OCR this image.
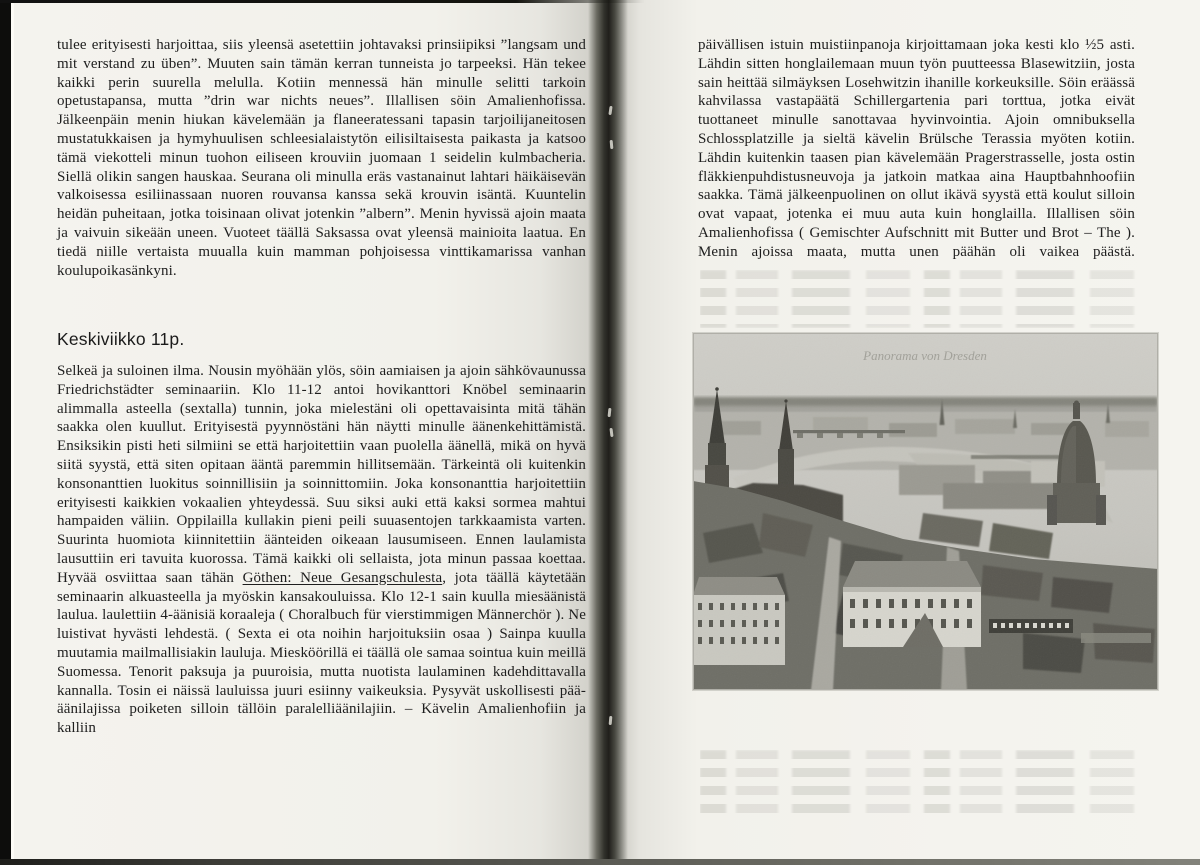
tulee erityisesti harjoittaa, siis yleensä asetettiin johtavaksi prinsiipiksi ”langsam und mit verstand zu üben”. Muuten sain tämän kerran tunneista jo tarpeeksi. Hän tekee kaikki perin suurella melulla. Kotiin mennessä hän minulle selitti tarkoin opetustapansa, mutta ”drin war nichts neues”. Illallisen söin Amalienhofissa. Jälkeenpäin menin hiukan kävelemään ja flaneeratessani tapasin tarjoilijaneitosen mustatukkaisen ja hymyhuulisen schleesialaistytön eilisiltaisesta paikasta ja katsoo tämä viekotteli minun tuohon eiliseen krouviin juomaan 1 seidelin kulmbacheria. Siellä olikin sangen hauskaa. Seurana oli minulla eräs vastanainut lahtari häikäisevän valkoisessa esiliinassaan nuoren rouvansa kanssa sekä krouvin isäntä. Kuuntelin heidän puheitaan, jotka toisinaan olivat jotenkin ”albern”. Menin hyvissä ajoin maata ja vaivuin sikeään uneen. Vuoteet täällä Saksassa ovat yleensä mainioita laatua. En tiedä niille vertaista muualla kuin mamman pohjoisessa vinttikamarissa vanhan koulupoikasänkyni.

Keskiviikko 11p.

Selkeä ja suloinen ilma. Nousin myöhään ylös, söin aamiaisen ja ajoin sähkövaunussa Friedrichstädter seminaariin. Klo 11-12 antoi hovikanttori Knöbel seminaarin alimmalla asteella (sextalla) tunnin, joka mielestäni oli opettavaisinta mitä tähän saakka olen kuullut. Erityisestä pyynnöstäni hän näytti minulle äänenkehittämistä. Ensiksikin pisti heti silmiini se että harjoitettiin vaan puolella äänellä, mikä on hyvä siitä syystä, että siten opitaan ääntä paremmin hillitsemään. Tärkeintä oli kuitenkin konsonanttien luokitus soinnillisiin ja soinnittomiin. Joka konsonanttia harjoitettiin erityisesti kaikkien vokaalien yhteydessä. Suu siksi auki että kaksi sormea mahtui hampaiden väliin. Oppilailla kullakin pieni peili suuasentojen tarkkaamista varten. Suurinta huomiota kiinnitettiin äänteiden oikeaan lausumiseen. Ennen laulamista lausuttiin eri tavuita kuorossa. Tämä kaikki oli sellaista, jota minun passaa koettaa. Hyvää osviittaa saan tähän Göthen: Neue Gesangschulesta, jota täällä käytetään seminaarin alkuasteella ja myöskin kansakouluissa. Klo 12-1 sain kuulla miesäänistä laulua. laulettiin 4-äänisiä koraaleja ( Choralbuch für vierstimmigen Männerchör ). Ne luistivat hyvästi lehdestä. ( Sexta ei ota noihin harjoituksiin osaa ) Sainpa kuulla muutamia mailmallisiakin lauluja. Miesköörillä ei täällä ole samaa sointua kuin meillä Suomessa. Tenorit paksuja ja puuroisia, mutta nuotista laulaminen kadehdittavalla kannalla. Tosin ei näissä lauluissa juuri esiinny vaikeuksia. Pysyvät uskollisesti pää-äänilajissa poiketen silloin tällöin paralelliäänilajiin. – Kävelin Amalienhofiin ja kalliin

päivällisen istuin muistiinpanoja kirjoittamaan joka kesti klo ½5 asti. Lähdin sitten honglailemaan muun työn puutteessa Blasewitziin, josta sain heittää silmäyksen Losehwitzin ihanille korkeuksille. Söin eräässä kahvilassa vastapäätä Schillergartenia pari torttua, jotka eivät tuottaneet minulle sanottavaa hyvinvointia. Ajoin omnibuksella Schlossplatzille ja sieltä kävelin Brülsche Terassia myöten kotiin. Lähdin kuitenkin taasen pian kävelemään Pragerstrasselle, josta ostin fläkkienpuhdistusneuvoja ja jatkoin matkaa aina Hauptbahnhoofiin saakka. Tämä jälkeenpuolinen on ollut ikävä syystä että koulut silloin ovat vapaat, jotenka ei muu auta kuin honglailla. Illallisen söin Amalienhofissa ( Gemischter Aufschnitt mit Butter und Brot – The ). Menin ajoissa maata, mutta unen päähän oli vaikea päästä.

Panorama von Dresden
